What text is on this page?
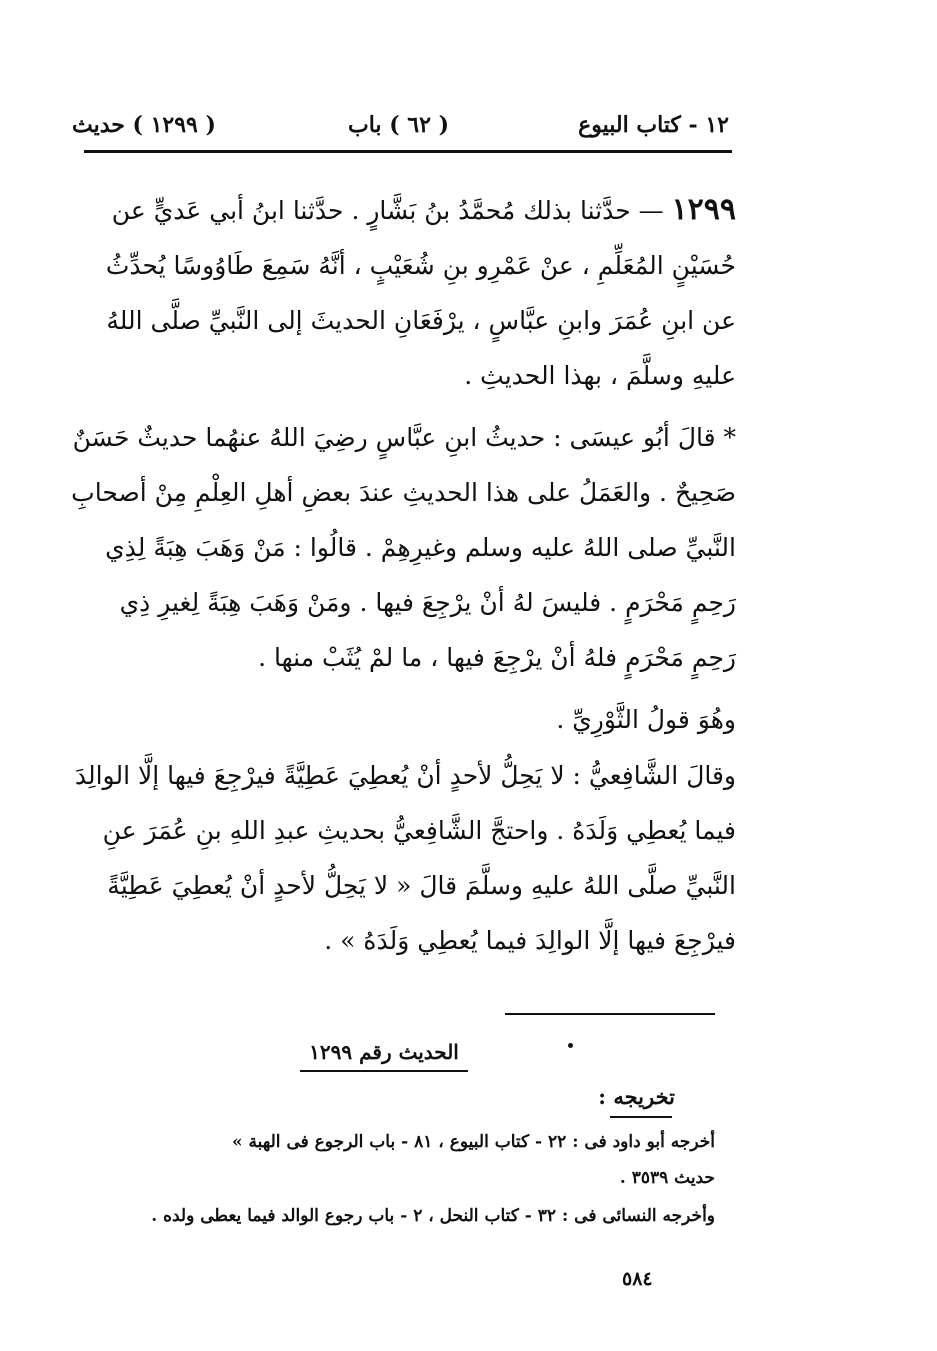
١٢ - كتاب البيوع
( ٦٢ ) باب
( ١٢٩٩ ) حديث

١٢٩٩ — حدَّثنا بذلك مُحمَّدُ بنُ بَشَّارٍ . حدَّثنا ابنُ أبي عَديٍّ عن حُسَيْنٍ المُعَلِّمِ ، عنْ عَمْرِو بنِ شُعَيْبٍ ، أنَّهُ سَمِعَ طَاوُوسًا يُحدِّثُ عن ابنِ عُمَرَ وابنِ عبَّاسٍ ، يرْفَعَانِ الحديثَ إلى النَّبيِّ صلَّى اللهُ عليهِ وسلَّمَ ، بهذا الحديثِ .

‏* قالَ أبُو عيسَى : حديثُ ابنِ عبَّاسٍ رضِيَ اللهُ عنهُما حديثٌ حَسَنٌ صَحِيحٌ . والعَمَلُ على هذا الحديثِ عندَ بعضِ أهلِ العِلْمِ مِنْ أصحابِ النَّبيِّ صلى اللهُ عليه وسلم وغيرِهِمْ . قالُوا : مَنْ وَهَبَ هِبَةً لِذِي رَحِمٍ مَحْرَمٍ . فليسَ لهُ أنْ يرْجِعَ فيها . ومَنْ وَهَبَ هِبَةً لِغيرِ ذِي رَحِمٍ مَحْرَمٍ فلهُ أنْ يرْجِعَ فيها ، ما لمْ يُثَبْ منها .

وهُوَ قولُ الثَّوْرِيِّ .

وقالَ الشَّافِعيُّ : لا يَحِلُّ لأحدٍ أنْ يُعطِيَ عَطِيَّةً فيرْجِعَ فيها إلَّا الوالِدَ فيما يُعطِي وَلَدَهُ . واحتجَّ الشَّافِعيُّ بحديثِ عبدِ اللهِ بنِ عُمَرَ عنِ النَّبيِّ صلَّى اللهُ عليهِ وسلَّمَ قالَ « لا يَحِلُّ لأحدٍ أنْ يُعطِيَ عَطِيَّةً فيرْجِعَ فيها إلَّا الوالِدَ فيما يُعطِي وَلَدَهُ » .

الحديث رقم ١٢٩٩
تخريجه :
أخرجه أبو داود فى : ٢٢ - كتاب البيوع ، ٨١ - باب الرجوع فى الهبة »
حديث ٣٥٣٩ .
وأخرجه النسائى فى : ٣٢ - كتاب النحل ، ٢ - باب رجوع الوالد فيما يعطى ولده .
٥٨٤
